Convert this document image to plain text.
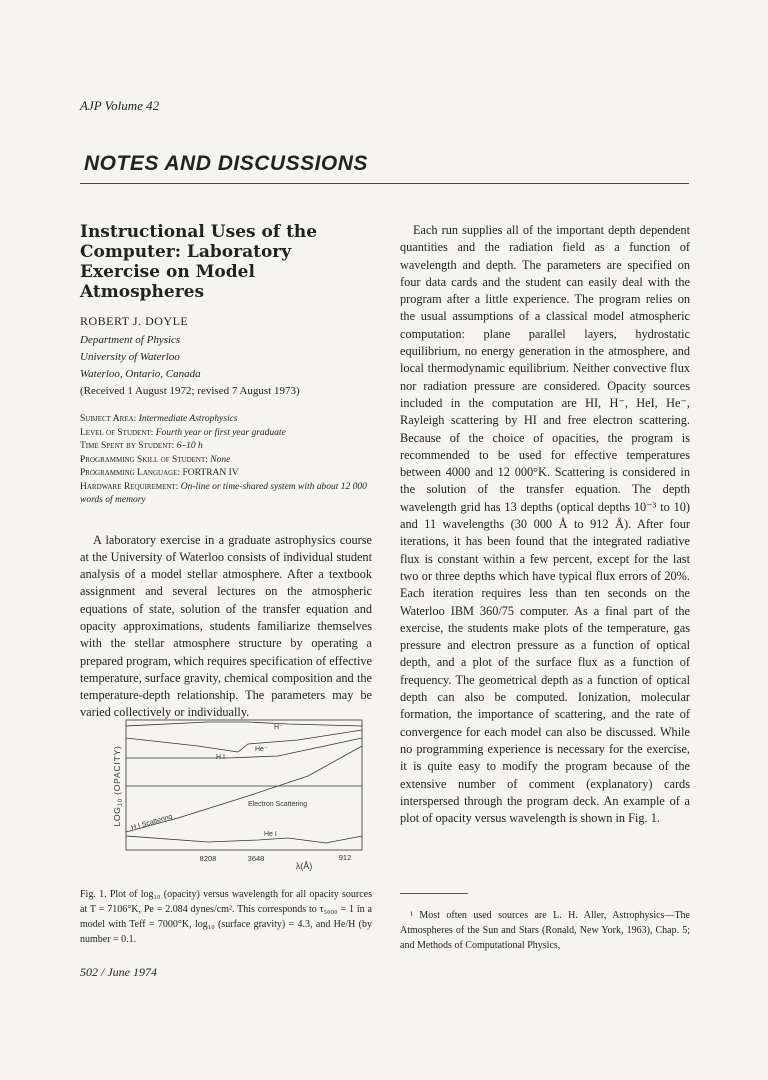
AJP Volume 42
NOTES AND DISCUSSIONS
Instructional Uses of the Computer: Laboratory Exercise on Model Atmospheres
ROBERT J. DOYLE
Department of Physics
University of Waterloo
Waterloo, Ontario, Canada
(Received 1 August 1972; revised 7 August 1973)
Subject Area: Intermediate Astrophysics
Level of Student: Fourth year or first year graduate
Time Spent by Student: 6–10 h
Programming Skill of Student: None
Programming Language: FORTRAN IV
Hardware Requirement: On-line or time-shared system with about 12 000 words of memory
A laboratory exercise in a graduate astrophysics course at the University of Waterloo consists of individual student analysis of a model stellar atmosphere. After a textbook assignment and several lectures on the atmospheric equations of state, solution of the transfer equation and opacity approximations, students familiarize themselves with the stellar atmosphere structure by operating a prepared program, which requires specification of effective temperature, surface gravity, chemical composition and the temperature-depth relationship. The parameters may be varied collectively or individually.
Each run supplies all of the important depth dependent quantities and the radiation field as a function of wavelength and depth. The parameters are specified on four data cards and the student can easily deal with the program after a little experience. The program relies on the usual assumptions of a classical model atmospheric computation: plane parallel layers, hydrostatic equilibrium, no energy generation in the atmosphere, and local thermodynamic equilibrium. Neither convective flux nor radiation pressure are considered. Opacity sources included in the computation are HI, H⁻, HeI, He⁻, Rayleigh scattering by HI and free electron scattering. Because of the choice of opacities, the program is recommended to be used for effective temperatures between 4000 and 12 000°K. Scattering is considered in the solution of the transfer equation. The depth wavelength grid has 13 depths (optical depths 10⁻³ to 10) and 11 wavelengths (30 000 Å to 912 Å). After four iterations, it has been found that the integrated radiative flux is constant within a few percent, except for the last two or three depths which have typical flux errors of 20%. Each iteration requires less than ten seconds on the Waterloo IBM 360/75 computer. As a final part of the exercise, the students make plots of the temperature, gas pressure and electron pressure as a function of optical depth, and a plot of the surface flux as a function of frequency. The geometrical depth as a function of optical depth can also be computed. Ionization, molecular formation, the importance of scattering, and the rate of convergence for each model can also be discussed. While no programming experience is necessary for the exercise, it is quite easy to modify the program because of the extensive number of comment (explanatory) cards interspersed through the program deck. An example of a plot of opacity versus wavelength is shown in Fig. 1.
$LOG_{10}$ (OPACITY)
H⁻
H I
He⁻
Electron Scattering
H I Scattering
He I
8208	3648	912
λ(Å)
Fig. 1. Plot of log₁₀ (opacity) versus wavelength for all opacity sources at T = 7106°K, Pe = 2.084 dynes/cm². This corresponds to τ₅₀₀₀ = 1 in a model with Teff = 7000°K, log₁₀ (surface gravity) = 4.3, and He/H (by number = 0.1.
¹ Most often used sources are L. H. Aller, Astrophysics—The Atmospheres of the Sun and Stars (Ronald, New York, 1963), Chap. 5; and Methods of Computational Physics,
502 / June 1974
